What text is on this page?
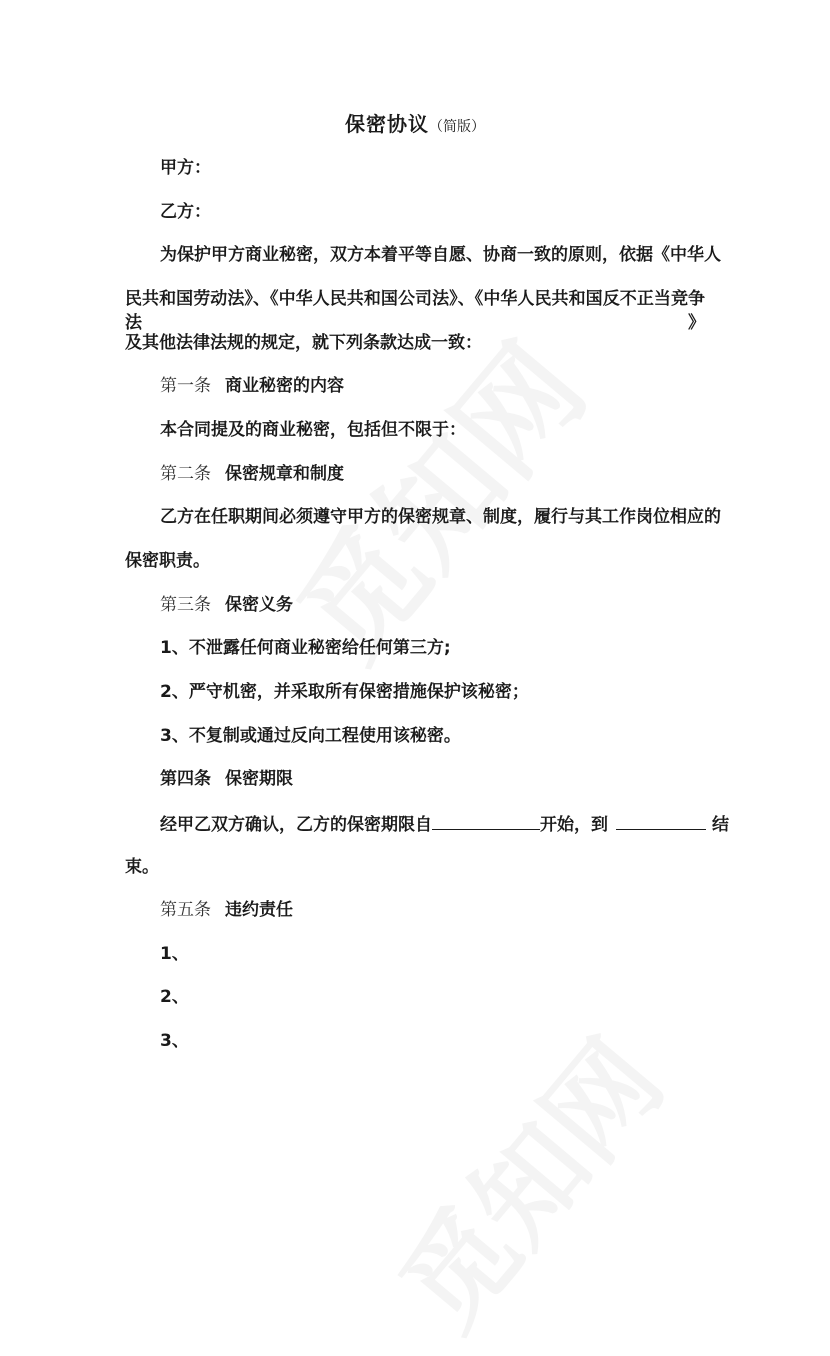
保密协议（简版）
甲方：
乙方：
为保护甲方商业秘密，双方本着平等自愿、协商一致的原则，依据《中华人
民共和国劳动法》、《中华人民共和国公司法》、《中华人民共和国反不正当竞争法》
及其他法律法规的规定，就下列条款达成一致：
第一条 商业秘密的内容
本合同提及的商业秘密，包括但不限于：
第二条 保密规章和制度
乙方在任职期间必须遵守甲方的保密规章、制度，履行与其工作岗位相应的
保密职责。
第三条 保密义务
1、不泄露任何商业秘密给任何第三方;
2、严守机密，并采取所有保密措施保护该秘密；
3、不复制或通过反向工程使用该秘密。
第四条 保密期限
经甲乙双方确认，乙方的保密期限自	开始，到	结
束。
第五条 违约责任
1、
2、
3、
